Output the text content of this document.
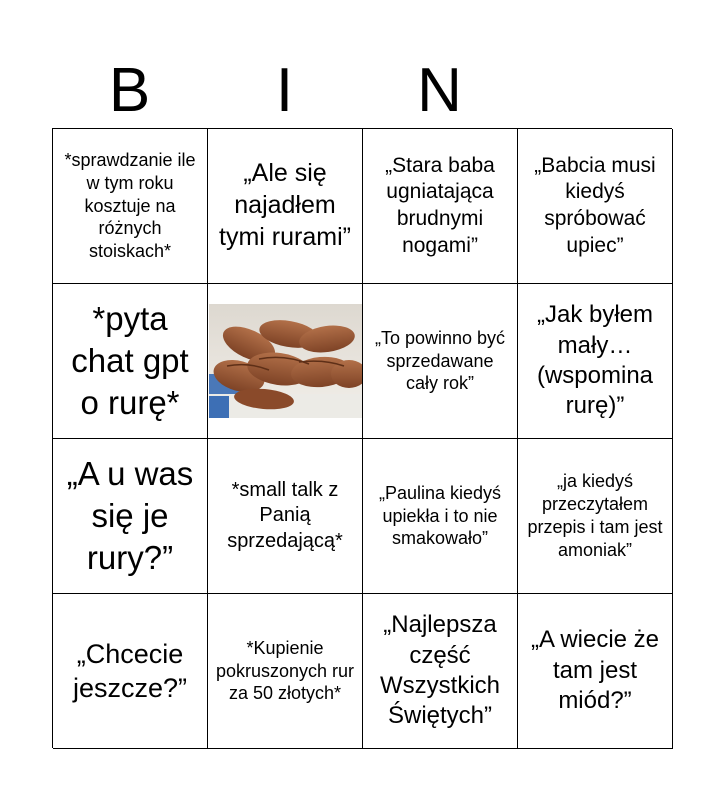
B	I	N
*sprawdzanie ile w tym roku kosztuje na różnych stoiskach*
„Ale się najadłem tymi rurami”
„Stara baba ugniatająca brudnymi nogami”
„Babcia musi kiedyś spróbować upiec”
*pyta chat gpt o rurę*
„To powinno być sprzedawane cały rok”
„Jak byłem mały… (wspomina rurę)”
„A u was się je rury?”
*small talk z Panią sprzedającą*
„Paulina kiedyś upiekła i to nie smakowało”
„ja kiedyś przeczytałem przepis i tam jest amoniak”
„Chcecie jeszcze?”
*Kupienie pokruszonych rur za 50 złotych*
„Najlepsza część Wszystkich Świętych”
„A wiecie że tam jest miód?”
